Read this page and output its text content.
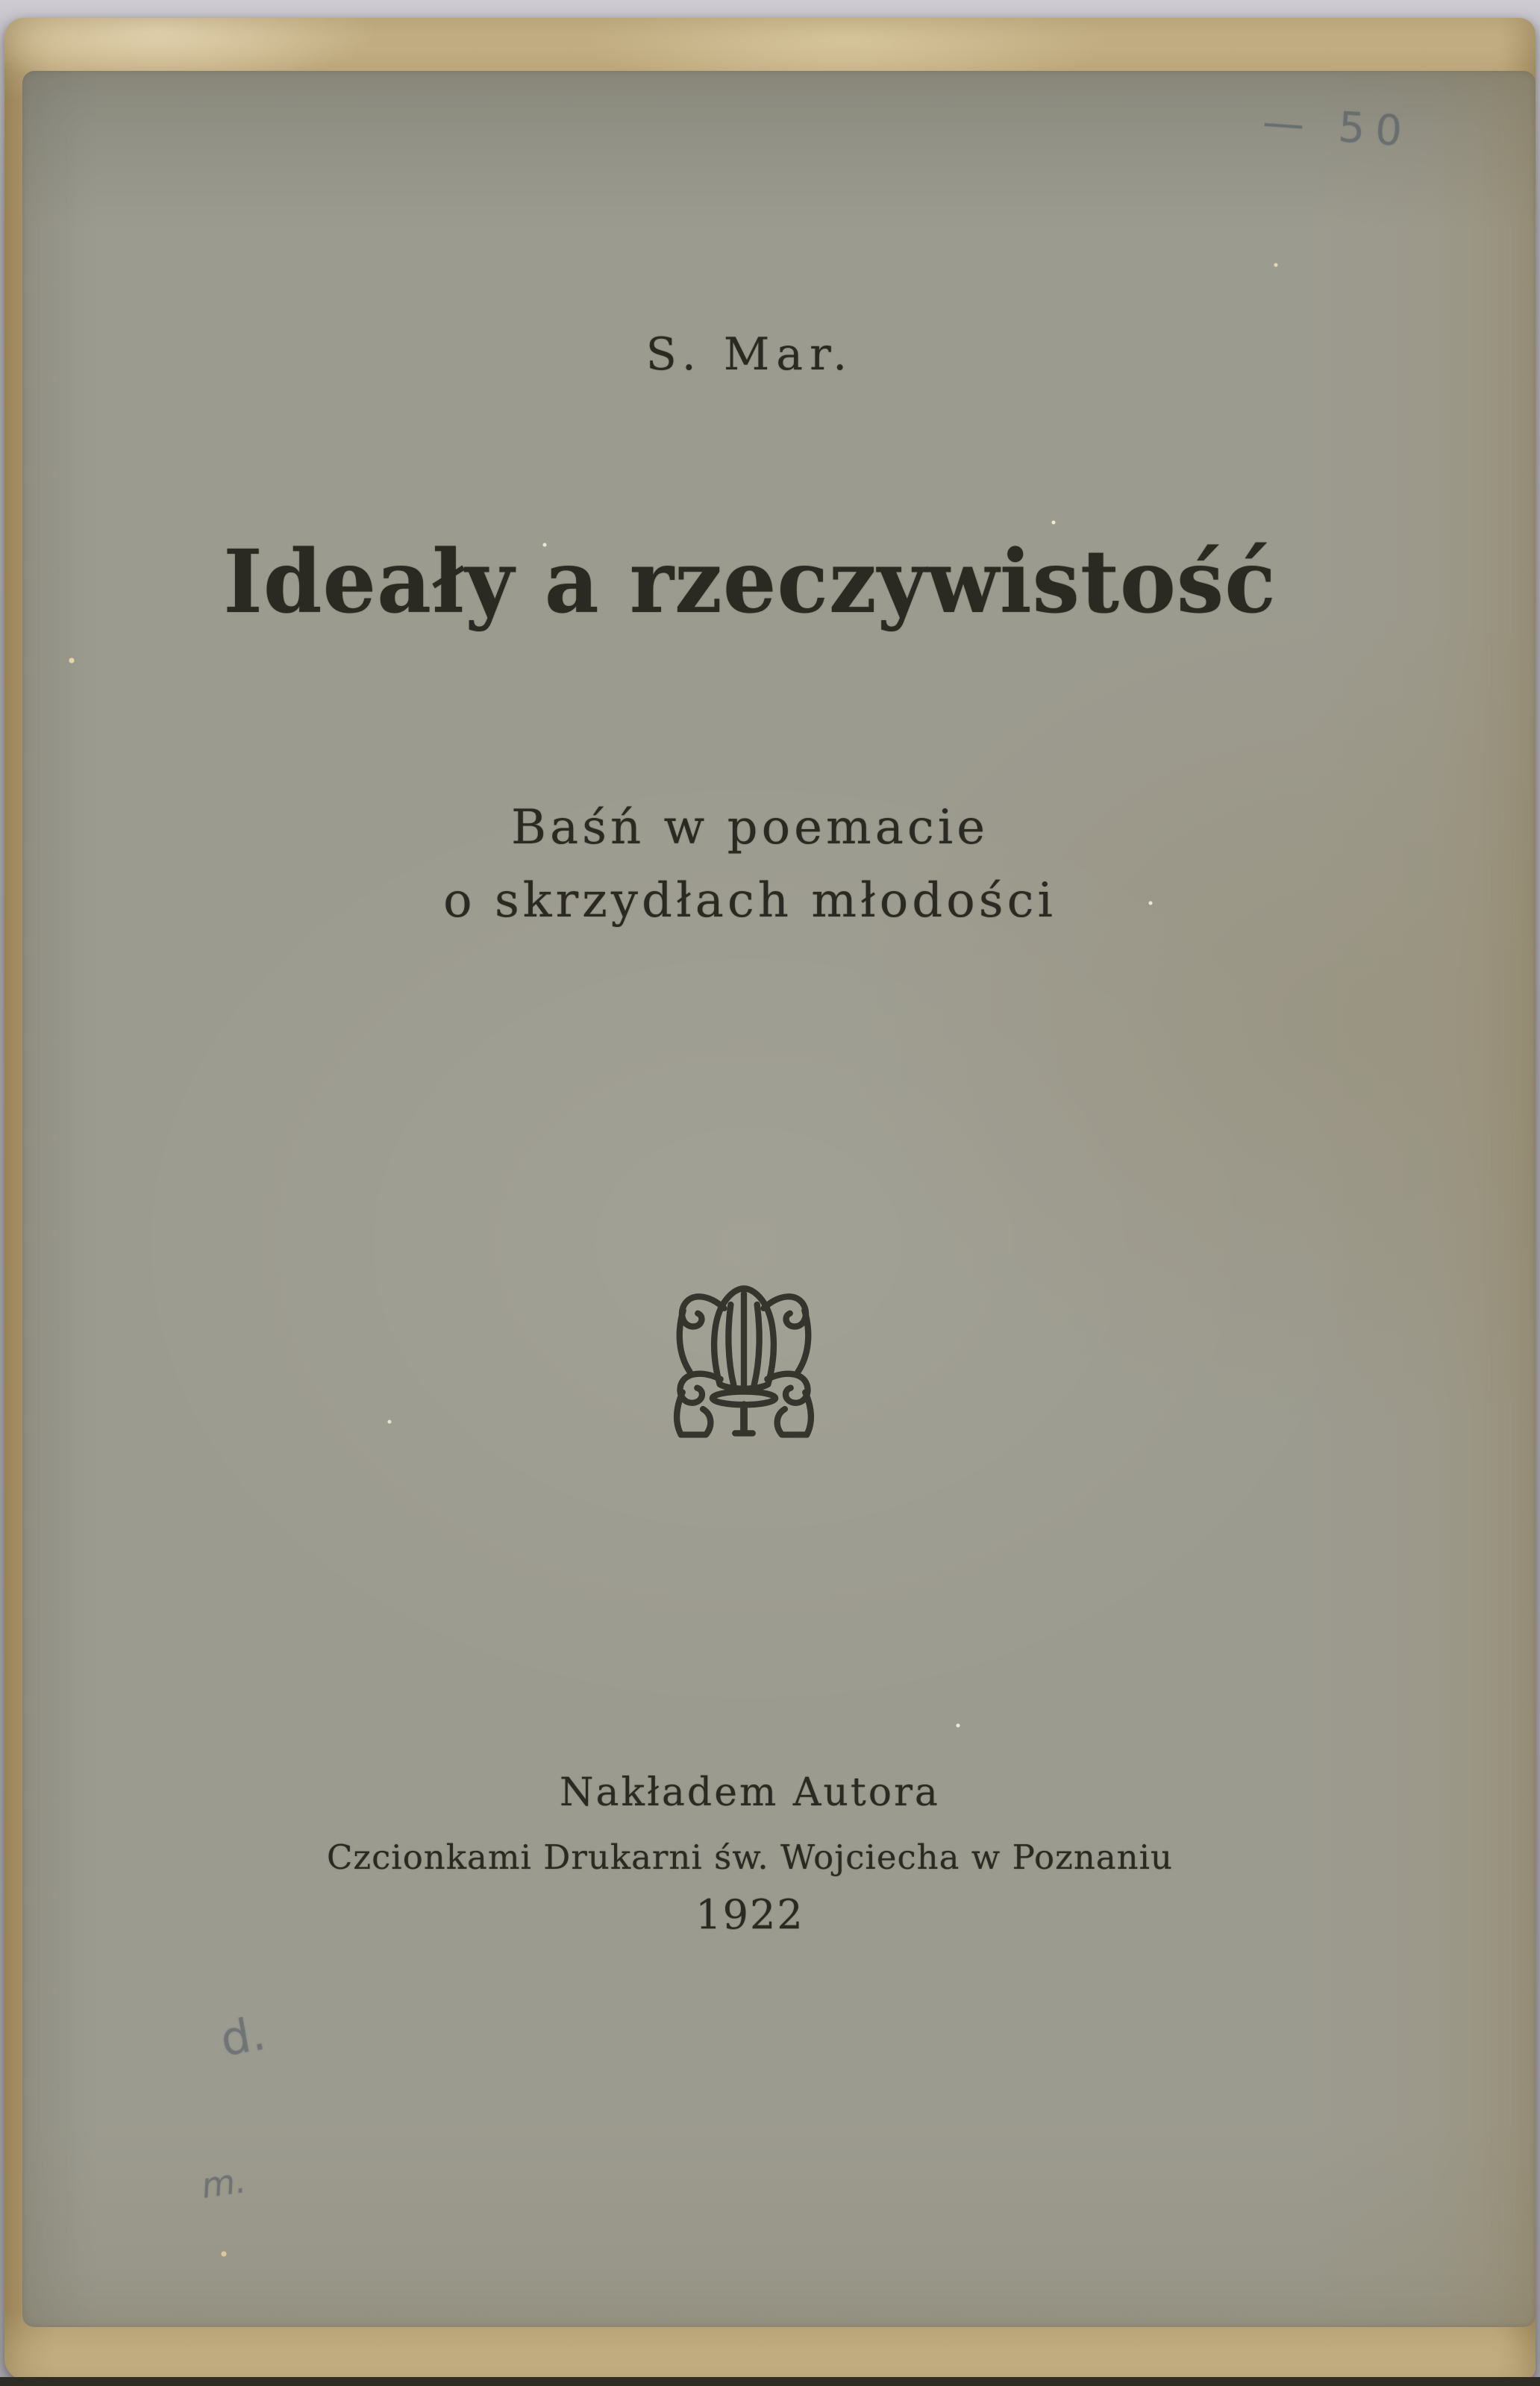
— 50
S. Mar.
Ideały a rzeczywistość
Baśń w poemacie
o skrzydłach młodości
Nakładem Autora
Czcionkami Drukarni św. Wojciecha w Poznaniu
1922
d.
m.
